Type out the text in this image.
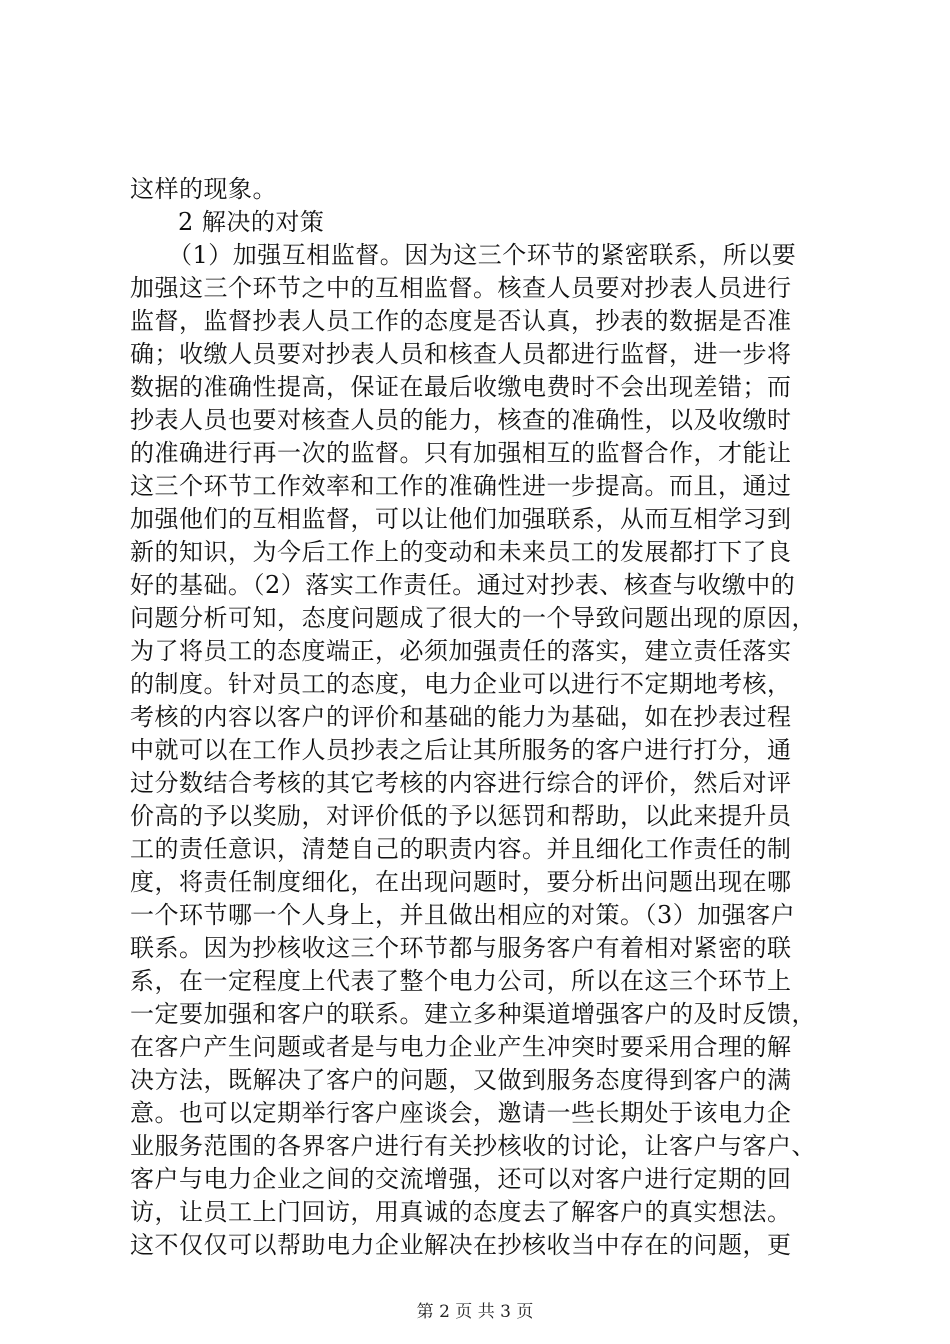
这样的现象。
2 解决的对策
（1）加强互相监督。因为这三个环节的紧密联系，所以要
加强这三个环节之中的互相监督。核查人员要对抄表人员进行
监督，监督抄表人员工作的态度是否认真，抄表的数据是否准
确；收缴人员要对抄表人员和核查人员都进行监督，进一步将
数据的准确性提高，保证在最后收缴电费时不会出现差错；而
抄表人员也要对核查人员的能力，核查的准确性，以及收缴时
的准确进行再一次的监督。只有加强相互的监督合作，才能让
这三个环节工作效率和工作的准确性进一步提高。而且，通过
加强他们的互相监督，可以让他们加强联系，从而互相学习到
新的知识，为今后工作上的变动和未来员工的发展都打下了良
好的基础。（2）落实工作责任。通过对抄表、核查与收缴中的
问题分析可知，态度问题成了很大的一个导致问题出现的原因，
为了将员工的态度端正，必须加强责任的落实，建立责任落实
的制度。针对员工的态度，电力企业可以进行不定期地考核，
考核的内容以客户的评价和基础的能力为基础，如在抄表过程
中就可以在工作人员抄表之后让其所服务的客户进行打分，通
过分数结合考核的其它考核的内容进行综合的评价，然后对评
价高的予以奖励，对评价低的予以惩罚和帮助，以此来提升员
工的责任意识，清楚自己的职责内容。并且细化工作责任的制
度，将责任制度细化，在出现问题时，要分析出问题出现在哪
一个环节哪一个人身上，并且做出相应的对策。（3）加强客户
联系。因为抄核收这三个环节都与服务客户有着相对紧密的联
系，在一定程度上代表了整个电力公司，所以在这三个环节上
一定要加强和客户的联系。建立多种渠道增强客户的及时反馈，
在客户产生问题或者是与电力企业产生冲突时要采用合理的解
决方法，既解决了客户的问题，又做到服务态度得到客户的满
意。也可以定期举行客户座谈会，邀请一些长期处于该电力企
业服务范围的各界客户进行有关抄核收的讨论，让客户与客户、
客户与电力企业之间的交流增强，还可以对客户进行定期的回
访，让员工上门回访，用真诚的态度去了解客户的真实想法。
这不仅仅可以帮助电力企业解决在抄核收当中存在的问题，更
第 2 页 共 3 页
